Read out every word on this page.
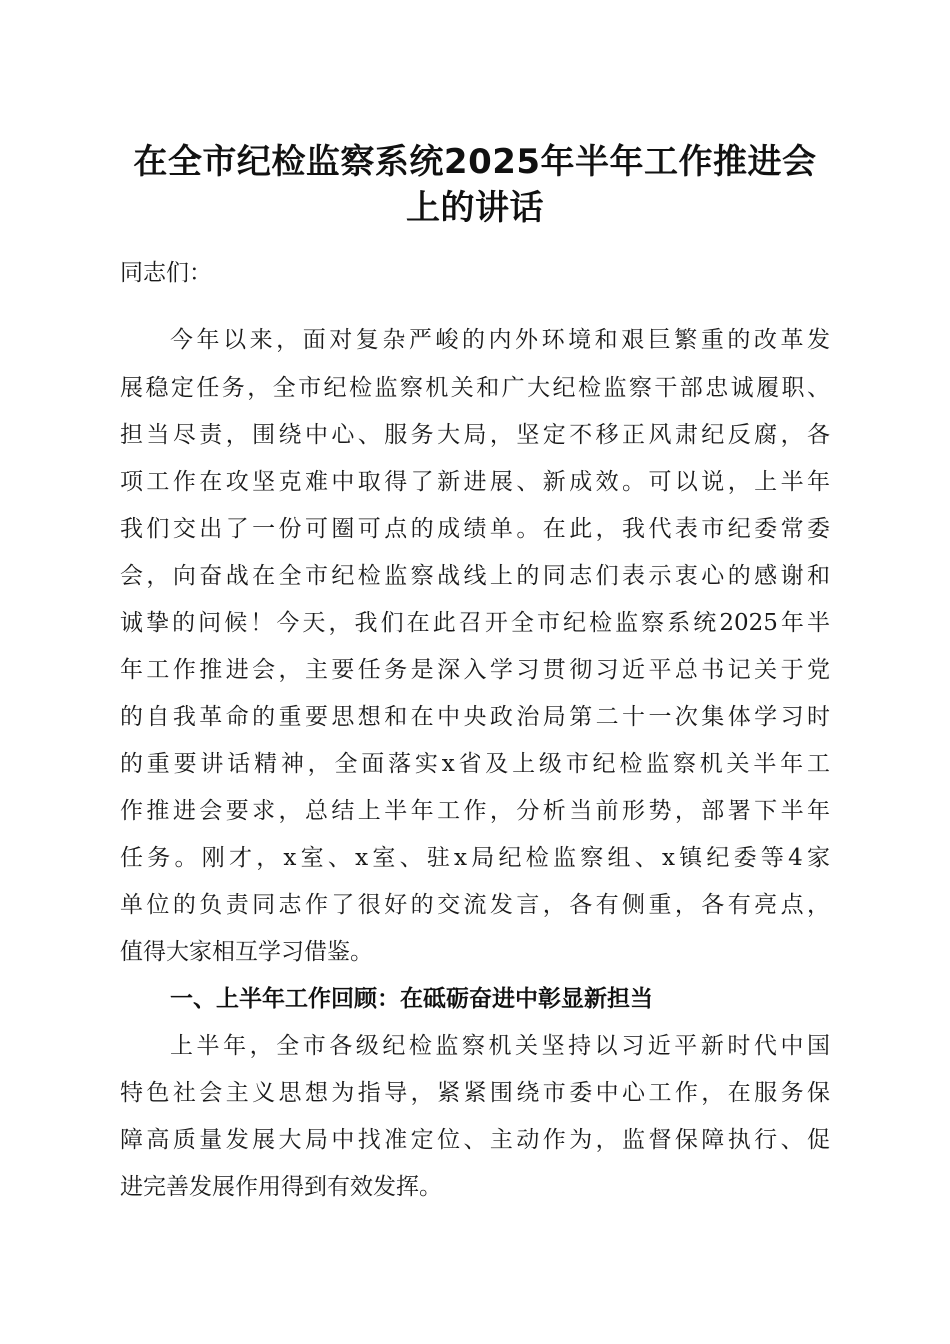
在全市纪检监察系统2025年半年工作推进会
上的讲话
同志们：
今年以来，面对复杂严峻的内外环境和艰巨繁重的改革发
展稳定任务，全市纪检监察机关和广大纪检监察干部忠诚履职、
担当尽责，围绕中心、服务大局，坚定不移正风肃纪反腐，各
项工作在攻坚克难中取得了新进展、新成效。可以说，上半年
我们交出了一份可圈可点的成绩单。在此，我代表市纪委常委
会，向奋战在全市纪检监察战线上的同志们表示衷心的感谢和
诚挚的问候！今天，我们在此召开全市纪检监察系统2025年半
年工作推进会，主要任务是深入学习贯彻习近平总书记关于党
的自我革命的重要思想和在中央政治局第二十一次集体学习时
的重要讲话精神，全面落实x省及上级市纪检监察机关半年工
作推进会要求，总结上半年工作，分析当前形势，部署下半年
任务。刚才，x室、x室、驻x局纪检监察组、x镇纪委等4家
单位的负责同志作了很好的交流发言，各有侧重，各有亮点，
值得大家相互学习借鉴。
一、上半年工作回顾：在砥砺奋进中彰显新担当
上半年，全市各级纪检监察机关坚持以习近平新时代中国
特色社会主义思想为指导，紧紧围绕市委中心工作，在服务保
障高质量发展大局中找准定位、主动作为，监督保障执行、促
进完善发展作用得到有效发挥。
